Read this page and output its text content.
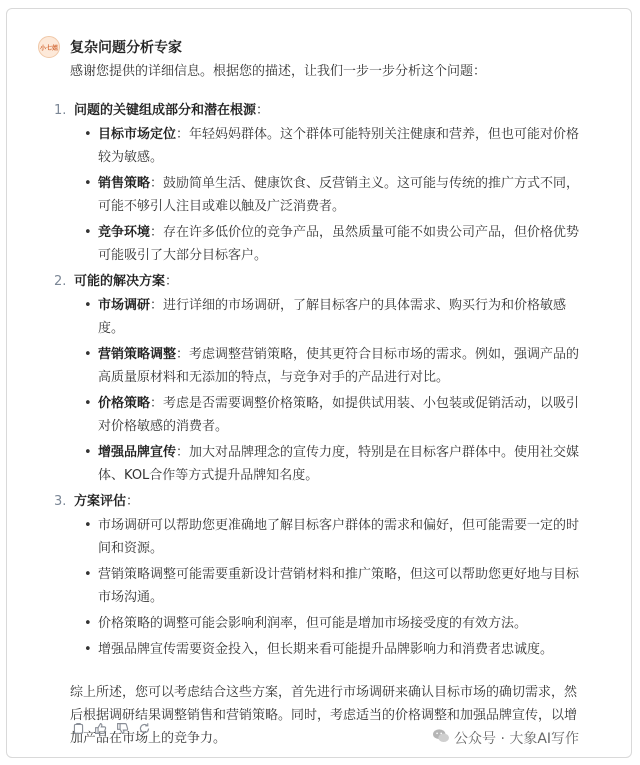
小七姐 复杂问题分析专家

感谢您提供的详细信息。根据您的描述，让我们一步一步分析这个问题：

1. 问题的关键组成部分和潜在根源：
• 目标市场定位：年轻妈妈群体。这个群体可能特别关注健康和营养，但也可能对价格较为敏感。
• 销售策略：鼓励简单生活、健康饮食、反营销主义。这可能与传统的推广方式不同，可能不够引人注目或难以触及广泛消费者。
• 竞争环境：存在许多低价位的竞争产品，虽然质量可能不如贵公司产品，但价格优势可能吸引了大部分目标客户。
2. 可能的解决方案：
• 市场调研：进行详细的市场调研，了解目标客户的具体需求、购买行为和价格敏感度。
• 营销策略调整：考虑调整营销策略，使其更符合目标市场的需求。例如，强调产品的高质量原材料和无添加的特点，与竞争对手的产品进行对比。
• 价格策略：考虑是否需要调整价格策略，如提供试用装、小包装或促销活动，以吸引对价格敏感的消费者。
• 增强品牌宣传：加大对品牌理念的宣传力度，特别是在目标客户群体中。使用社交媒体、KOL合作等方式提升品牌知名度。
3. 方案评估：
• 市场调研可以帮助您更准确地了解目标客户群体的需求和偏好，但可能需要一定的时间和资源。
• 营销策略调整可能需要重新设计营销材料和推广策略，但这可以帮助您更好地与目标市场沟通。
• 价格策略的调整可能会影响利润率，但可能是增加市场接受度的有效方法。
• 增强品牌宣传需要资金投入，但长期来看可能提升品牌影响力和消费者忠诚度。

综上所述，您可以考虑结合这些方案，首先进行市场调研来确认目标市场的确切需求，然后根据调研结果调整销售和营销策略。同时，考虑适当的价格调整和加强品牌宣传，以增加产品在市场上的竞争力。	公众号 · 大象AI写作
